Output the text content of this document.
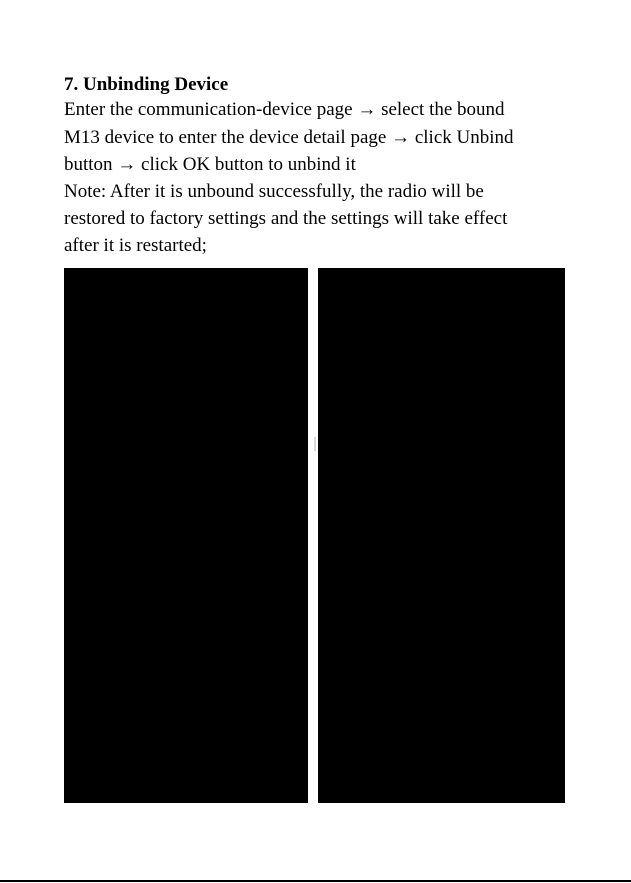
7. Unbinding Device
Enter the communication-device page → select the bound
M13 device to enter the device detail page → click Unbind
button → click OK button to unbind it
Note: After it is unbound successfully, the radio will be
restored to factory settings and the settings will take effect
after it is restarted;
